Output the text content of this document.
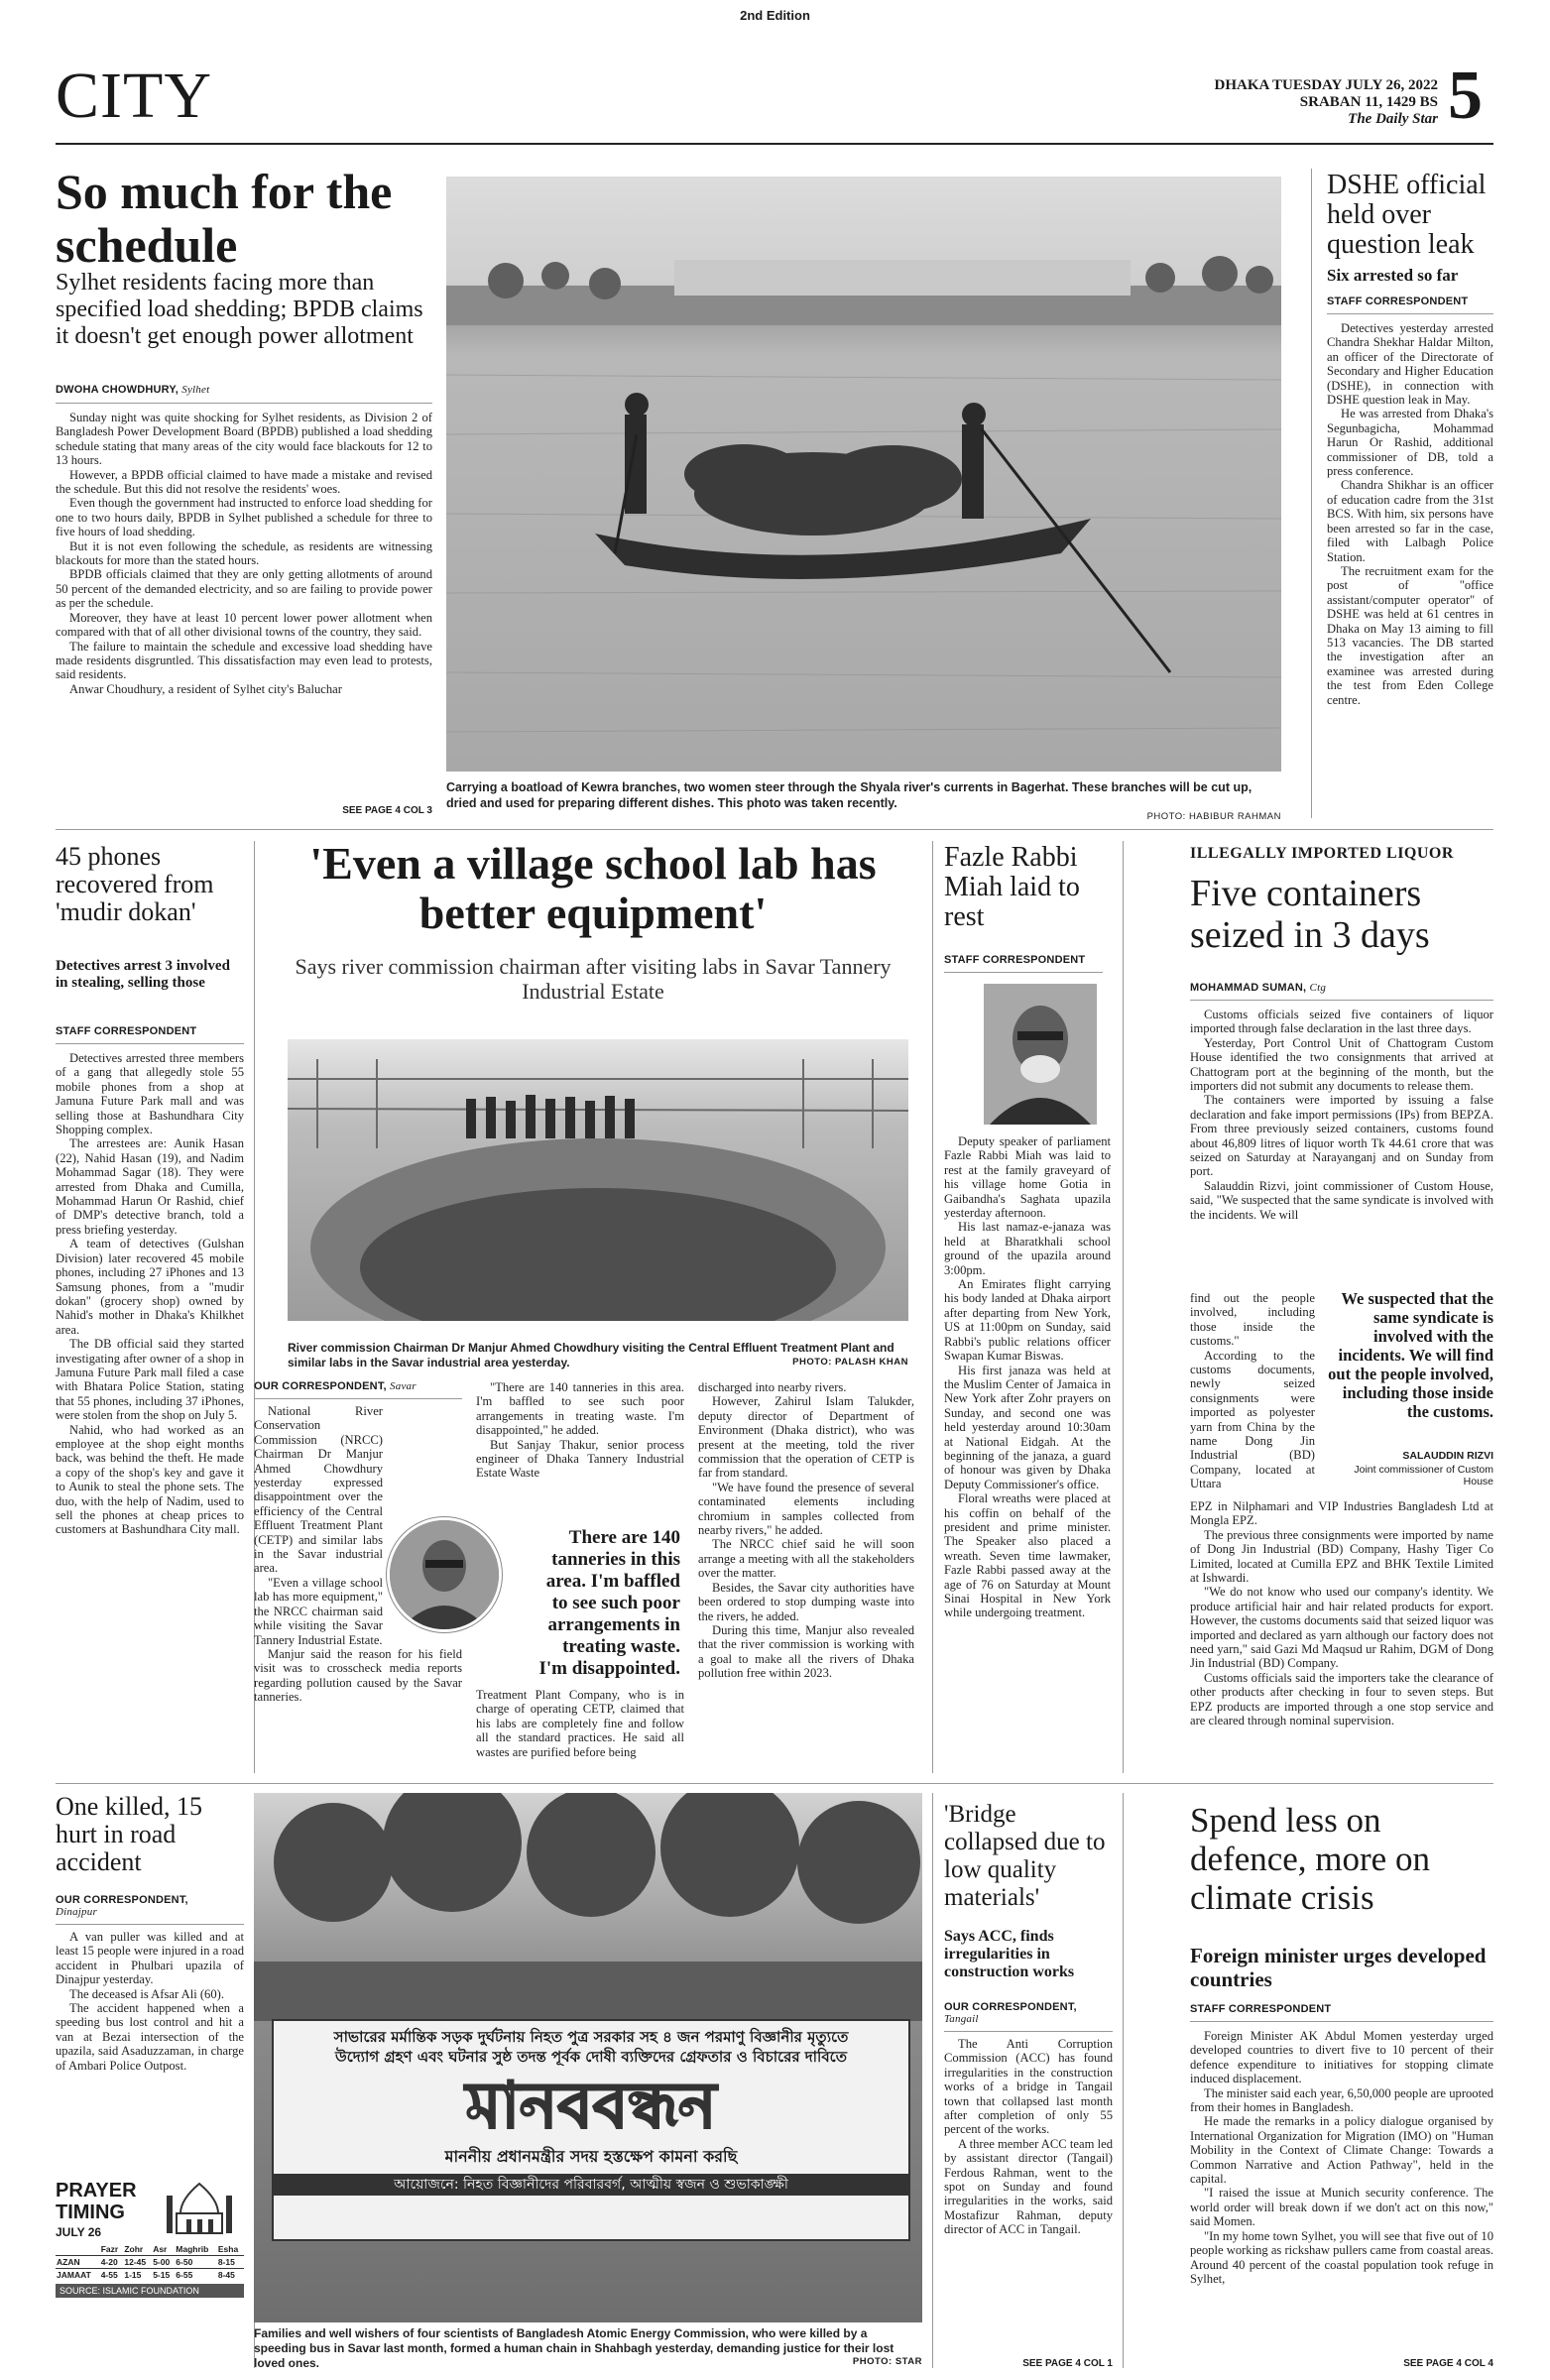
2nd Edition
CITY	DHAKA TUESDAY JULY 26, 2022
SRABAN 11, 1429 BS
The Daily Star 5
So much for the schedule
Sylhet residents facing more than specified load shedding; BPDB claims it doesn't get enough power allotment
DWOHA CHOWDHURY, Sylhet

Sunday night was quite shocking for Sylhet residents, as Division 2 of Bangladesh Power Development Board (BPDB) published a load shedding schedule stating that many areas of the city would face blackouts for 12 to 13 hours.

However, a BPDB official claimed to have made a mistake and revised the schedule. But this did not resolve the residents' woes.

Even though the government had instructed to enforce load shedding for one to two hours daily, BPDB in Sylhet published a schedule for three to five hours of load shedding.

But it is not even following the schedule, as residents are witnessing blackouts for more than the stated hours.

BPDB officials claimed that they are only getting allotments of around 50 percent of the demanded electricity, and so are failing to provide power as per the schedule.

Moreover, they have at least 10 percent lower power allotment when compared with that of all other divisional towns of the country, they said.

The failure to maintain the schedule and excessive load shedding have made residents disgruntled. This dissatisfaction may even lead to protests, said residents.

Anwar Choudhury, a resident of Sylhet city's Baluchar

SEE PAGE 4 COL 3
Carrying a boatload of Kewra branches, two women steer through the Shyala river's currents in Bagerhat. These branches will be cut up, dried and used for preparing different dishes. This photo was taken recently.
PHOTO: HABIBUR RAHMAN
DSHE official held over question leak
Six arrested so far
STAFF CORRESPONDENT

Detectives yesterday arrested Chandra Shekhar Haldar Milton, an officer of the Directorate of Secondary and Higher Education (DSHE), in connection with DSHE question leak in May.

He was arrested from Dhaka's Segunbagicha, Mohammad Harun Or Rashid, additional commissioner of DB, told a press conference.

Chandra Shikhar is an officer of education cadre from the 31st BCS. With him, six persons have been arrested so far in the case, filed with Lalbagh Police Station.

The recruitment exam for the post of "office assistant/computer operator" of DSHE was held at 61 centres in Dhaka on May 13 aiming to fill 513 vacancies. The DB started the investigation after an examinee was arrested during the test from Eden College centre.

45 phones recovered from 'mudir dokan'
Detectives arrest 3 involved in stealing, selling those
STAFF CORRESPONDENT

Detectives arrested three members of a gang that allegedly stole 55 mobile phones from a shop at Jamuna Future Park mall and was selling those at Bashundhara City Shopping complex.

The arrestees are: Aunik Hasan (22), Nahid Hasan (19), and Nadim Mohammad Sagar (18). They were arrested from Dhaka and Cumilla, Mohammad Harun Or Rashid, chief of DMP's detective branch, told a press briefing yesterday.

A team of detectives (Gulshan Division) later recovered 45 mobile phones, including 27 iPhones and 13 Samsung phones, from a "mudir dokan" (grocery shop) owned by Nahid's mother in Dhaka's Khilkhet area.

The DB official said they started investigating after owner of a shop in Jamuna Future Park mall filed a case with Bhatara Police Station, stating that 55 phones, including 37 iPhones, were stolen from the shop on July 5.

Nahid, who had worked as an employee at the shop eight months back, was behind the theft. He made a copy of the shop's key and gave it to Aunik to steal the phone sets. The duo, with the help of Nadim, used to sell the phones at cheap prices to customers at Bashundhara City mall.

'Even a village school lab has better equipment'
Says river commission chairman after visiting labs in Savar Tannery Industrial Estate
River commission Chairman Dr Manjur Ahmed Chowdhury visiting the Central Effluent Treatment Plant and similar labs in the Savar industrial area yesterday.	PHOTO: PALASH KHAN
OUR CORRESPONDENT, Savar

National River Conservation Commission (NRCC) Chairman Dr Manjur Ahmed Chowdhury yesterday expressed disappointment over the efficiency of the Central Effluent Treatment Plant (CETP) and similar labs in the Savar industrial area.

"Even a village school lab has more equipment," the NRCC chairman said while visiting the Savar Tannery Industrial Estate.

Manjur said the reason for his field visit was to crosscheck media reports regarding pollution caused by the Savar tanneries.

"There are 140 tanneries in this area. I'm baffled to see such poor arrangements in treating waste. I'm disappointed," he added.

But Sanjay Thakur, senior process engineer of Dhaka Tannery Industrial Estate Waste

There are 140 tanneries in this area. I'm baffled to see such poor arrangements in treating waste. I'm disappointed.

Treatment Plant Company, who is in charge of operating CETP, claimed that his labs are completely fine and follow all the standard practices. He said all wastes are purified before being

discharged into nearby rivers.

However, Zahirul Islam Talukder, deputy director of Department of Environment (Dhaka district), who was present at the meeting, told the river commission that the operation of CETP is far from standard.

"We have found the presence of several contaminated elements including chromium in samples collected from nearby rivers," he added.

The NRCC chief said he will soon arrange a meeting with all the stakeholders over the matter.

Besides, the Savar city authorities have been ordered to stop dumping waste into the rivers, he added.

During this time, Manjur also revealed that the river commission is working with a goal to make all the rivers of Dhaka pollution free within 2023.

Fazle Rabbi Miah laid to rest
STAFF CORRESPONDENT

Deputy speaker of parliament Fazle Rabbi Miah was laid to rest at the family graveyard of his village home Gotia in Gaibandha's Saghata upazila yesterday afternoon.

His last namaz-e-janaza was held at Bharatkhali school ground of the upazila around 3:00pm.

An Emirates flight carrying his body landed at Dhaka airport after departing from New York, US at 11:00pm on Sunday, said Rabbi's public relations officer Swapan Kumar Biswas.

His first janaza was held at the Muslim Center of Jamaica in New York after Zohr prayers on Sunday, and second one was held yesterday around 10:30am at National Eidgah. At the beginning of the janaza, a guard of honour was given by Dhaka Deputy Commissioner's office.

Floral wreaths were placed at his coffin on behalf of the president and prime minister. The Speaker also placed a wreath. Seven time lawmaker, Fazle Rabbi passed away at the age of 76 on Saturday at Mount Sinai Hospital in New York while undergoing treatment.

ILLEGALLY IMPORTED LIQUOR
Five containers seized in 3 days
MOHAMMAD SUMAN, Ctg

Customs officials seized five containers of liquor imported through false declaration in the last three days.

Yesterday, Port Control Unit of Chattogram Custom House identified the two consignments that arrived at Chattogram port at the beginning of the month, but the importers did not submit any documents to release them.

The containers were imported by issuing a false declaration and fake import permissions (IPs) from BEPZA. From three previously seized containers, customs found about 46,809 litres of liquor worth Tk 44.61 crore that was seized on Saturday at Narayanganj and on Sunday from port.

Salauddin Rizvi, joint commissioner of Custom House, said, "We suspected that the same syndicate is involved with the incidents. We will

find out the people involved, including those inside the customs."

According to the customs documents, newly seized consignments were imported as polyester yarn from China by the name Dong Jin Industrial (BD) Company, located at Uttara

We suspected that the same syndicate is involved with the incidents. We will find out the people involved, including those inside the customs.
SALAUDDIN RIZVI
Joint commissioner of Custom House

EPZ in Nilphamari and VIP Industries Bangladesh Ltd at Mongla EPZ.

The previous three consignments were imported by name of Dong Jin Industrial (BD) Company, Hashy Tiger Co Limited, located at Cumilla EPZ and BHK Textile Limited at Ishwardi.

"We do not know who used our company's identity. We produce artificial hair and hair related products for export. However, the customs documents said that seized liquor was imported and declared as yarn although our factory does not need yarn," said Gazi Md Maqsud ur Rahim, DGM of Dong Jin Industrial (BD) Company.

Customs officials said the importers take the clearance of other products after checking in four to seven steps. But EPZ products are imported through a one stop service and are cleared through nominal supervision.

One killed, 15 hurt in road accident
OUR CORRESPONDENT,
Dinajpur

A van puller was killed and at least 15 people were injured in a road accident in Phulbari upazila of Dinajpur yesterday.

The deceased is Afsar Ali (60).

The accident happened when a speeding bus lost control and hit a van at Bezai intersection of the upazila, said Asaduzzaman, in charge of Ambari Police Outpost.

PRAYER
TIMING
JULY 26
	Fazr	Zohr	Asr	Maghrib	Esha
AZAN	4-20	12-45	5-00	6-50	8-15
JAMAAT	4-55	1-15	5-15	6-55	8-45
SOURCE: ISLAMIC FOUNDATION
সাভারের মর্মান্তিক সড়ক দুর্ঘটনায় নিহত পুত্র সরকার সহ ৪ জন পরমাণু বিজ্ঞানীর মৃত্যুতে
উদ্যোগ গ্রহণ এবং ঘটনার সুষ্ঠ তদন্ত পূর্বক দোষী ব্যক্তিদের গ্রেফতার ও বিচারের দাবিতে
মানববন্ধন
মাননীয় প্রধানমন্ত্রীর সদয় হস্তক্ষেপ কামনা করছি
আয়োজনে: নিহত বিজ্ঞানীদের পরিবারবর্গ, আত্মীয় স্বজন ও শুভাকাঙ্ক্ষী
Families and well wishers of four scientists of Bangladesh Atomic Energy Commission, who were killed by a speeding bus in Savar last month, formed a human chain in Shahbagh yesterday, demanding justice for their lost loved ones.	PHOTO: STAR
'Bridge collapsed due to low quality materials'
Says ACC, finds irregularities in construction works
OUR CORRESPONDENT,
Tangail

The Anti Corruption Commission (ACC) has found irregularities in the construction works of a bridge in Tangail town that collapsed last month after completion of only 55 percent of the works.

A three member ACC team led by assistant director (Tangail) Ferdous Rahman, went to the spot on Sunday and found irregularities in the works, said Mostafizur Rahman, deputy director of ACC in Tangail.

SEE PAGE 4 COL 1
Spend less on defence, more on climate crisis
Foreign minister urges developed countries
STAFF CORRESPONDENT

Foreign Minister AK Abdul Momen yesterday urged developed countries to divert five to 10 percent of their defence expenditure to initiatives for stopping climate induced displacement.

The minister said each year, 6,50,000 people are uprooted from their homes in Bangladesh.

He made the remarks in a policy dialogue organised by International Organization for Migration (IMO) on "Human Mobility in the Context of Climate Change: Towards a Common Narrative and Action Pathway", held in the capital.

"I raised the issue at Munich security conference. The world order will break down if we don't act on this now," said Momen.

"In my home town Sylhet, you will see that five out of 10 people working as rickshaw pullers came from coastal areas. Around 40 percent of the coastal population took refuge in Sylhet,

SEE PAGE 4 COL 4
